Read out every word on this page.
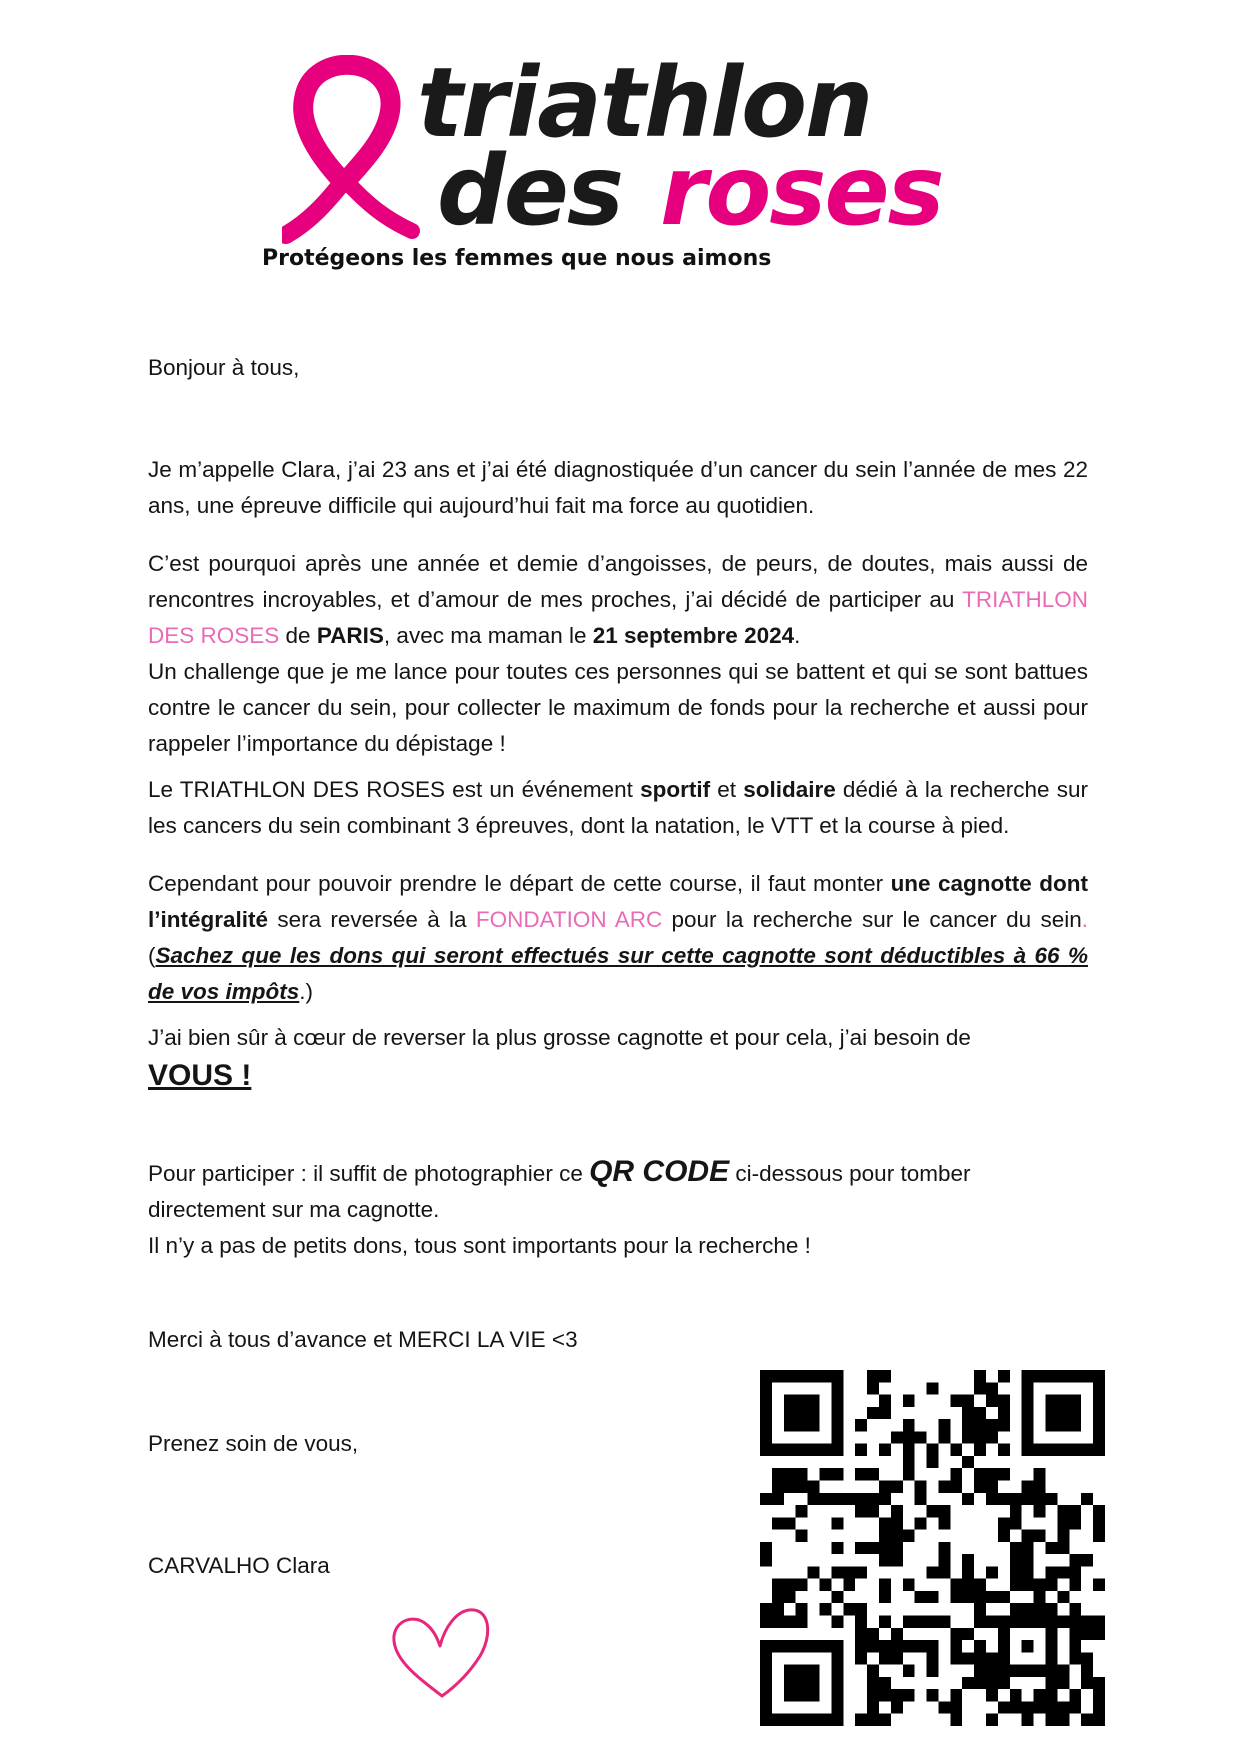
triathlon
des roses
Protégeons les femmes que nous aimons

Bonjour à tous,

Je m’appelle Clara, j’ai 23 ans et j’ai été diagnostiquée d’un cancer du sein l’année de mes 22 ans, une épreuve difficile qui aujourd’hui fait ma force au quotidien.

C’est pourquoi après une année et demie d’angoisses, de peurs, de doutes, mais aussi de rencontres incroyables, et d’amour de mes proches, j’ai décidé de participer au TRIATHLON DES ROSES de PARIS, avec ma maman le 21 septembre 2024.

Un challenge que je me lance pour toutes ces personnes qui se battent et qui se sont battues contre le cancer du sein, pour collecter le maximum de fonds pour la recherche et aussi pour rappeler l’importance du dépistage !

Le TRIATHLON DES ROSES est un événement sportif et solidaire dédié à la recherche sur les cancers du sein combinant 3 épreuves, dont la natation, le VTT et la course à pied.

Cependant pour pouvoir prendre le départ de cette course, il faut monter une cagnotte dont l’intégralité sera reversée à la FONDATION ARC pour la recherche sur le cancer du sein. (Sachez que les dons qui seront effectués sur cette cagnotte sont déductibles à 66 % de vos impôts.)

J’ai bien sûr à cœur de reverser la plus grosse cagnotte et pour cela, j’ai besoin de

VOUS !

Pour participer : il suffit de photographier ce QR CODE ci-dessous pour tomber directement sur ma cagnotte.

Il n’y a pas de petits dons, tous sont importants pour la recherche !

Merci à tous d’avance et MERCI LA VIE <3

Prenez soin de vous,

CARVALHO Clara
